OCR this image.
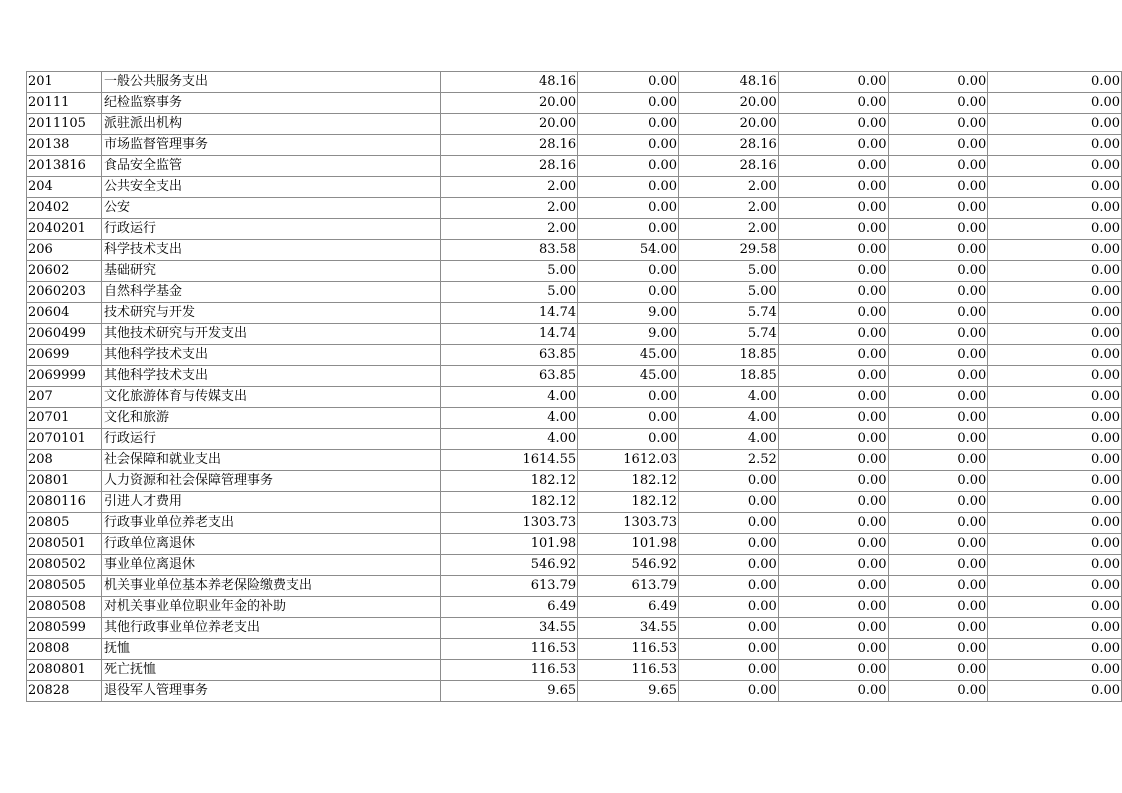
201	一般公共服务支出	48.16	0.00	48.16	0.00	0.00	0.00
20111	纪检监察事务	20.00	0.00	20.00	0.00	0.00	0.00
2011105	派驻派出机构	20.00	0.00	20.00	0.00	0.00	0.00
20138	市场监督管理事务	28.16	0.00	28.16	0.00	0.00	0.00
2013816	食品安全监管	28.16	0.00	28.16	0.00	0.00	0.00
204	公共安全支出	2.00	0.00	2.00	0.00	0.00	0.00
20402	公安	2.00	0.00	2.00	0.00	0.00	0.00
2040201	行政运行	2.00	0.00	2.00	0.00	0.00	0.00
206	科学技术支出	83.58	54.00	29.58	0.00	0.00	0.00
20602	基础研究	5.00	0.00	5.00	0.00	0.00	0.00
2060203	自然科学基金	5.00	0.00	5.00	0.00	0.00	0.00
20604	技术研究与开发	14.74	9.00	5.74	0.00	0.00	0.00
2060499	其他技术研究与开发支出	14.74	9.00	5.74	0.00	0.00	0.00
20699	其他科学技术支出	63.85	45.00	18.85	0.00	0.00	0.00
2069999	其他科学技术支出	63.85	45.00	18.85	0.00	0.00	0.00
207	文化旅游体育与传媒支出	4.00	0.00	4.00	0.00	0.00	0.00
20701	文化和旅游	4.00	0.00	4.00	0.00	0.00	0.00
2070101	行政运行	4.00	0.00	4.00	0.00	0.00	0.00
208	社会保障和就业支出	1614.55	1612.03	2.52	0.00	0.00	0.00
20801	人力资源和社会保障管理事务	182.12	182.12	0.00	0.00	0.00	0.00
2080116	引进人才费用	182.12	182.12	0.00	0.00	0.00	0.00
20805	行政事业单位养老支出	1303.73	1303.73	0.00	0.00	0.00	0.00
2080501	行政单位离退休	101.98	101.98	0.00	0.00	0.00	0.00
2080502	事业单位离退休	546.92	546.92	0.00	0.00	0.00	0.00
2080505	机关事业单位基本养老保险缴费支出	613.79	613.79	0.00	0.00	0.00	0.00
2080508	对机关事业单位职业年金的补助	6.49	6.49	0.00	0.00	0.00	0.00
2080599	其他行政事业单位养老支出	34.55	34.55	0.00	0.00	0.00	0.00
20808	抚恤	116.53	116.53	0.00	0.00	0.00	0.00
2080801	死亡抚恤	116.53	116.53	0.00	0.00	0.00	0.00
20828	退役军人管理事务	9.65	9.65	0.00	0.00	0.00	0.00
